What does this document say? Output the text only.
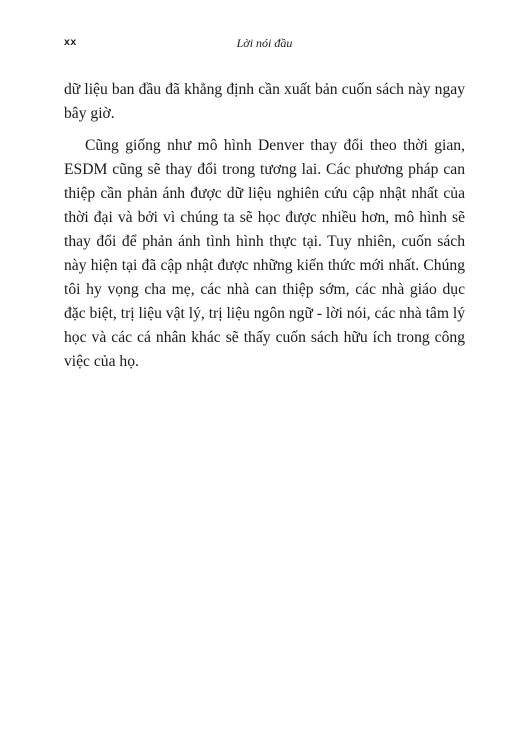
xx	Lời nói đầu

dữ liệu ban đầu đã khẳng định cần xuất bản cuốn sách này ngay bây giờ.

Cũng giống như mô hình Denver thay đổi theo thời gian, ESDM cũng sẽ thay đổi trong tương lai. Các phương pháp can thiệp cần phản ánh được dữ liệu nghiên cứu cập nhật nhất của thời đại và bởi vì chúng ta sẽ học được nhiều hơn, mô hình sẽ thay đổi để phản ánh tình hình thực tại. Tuy nhiên, cuốn sách này hiện tại đã cập nhật được những kiến thức mới nhất. Chúng tôi hy vọng cha mẹ, các nhà can thiệp sớm, các nhà giáo dục đặc biệt, trị liệu vật lý, trị liệu ngôn ngữ - lời nói, các nhà tâm lý học và các cá nhân khác sẽ thấy cuốn sách hữu ích trong công việc của họ.
